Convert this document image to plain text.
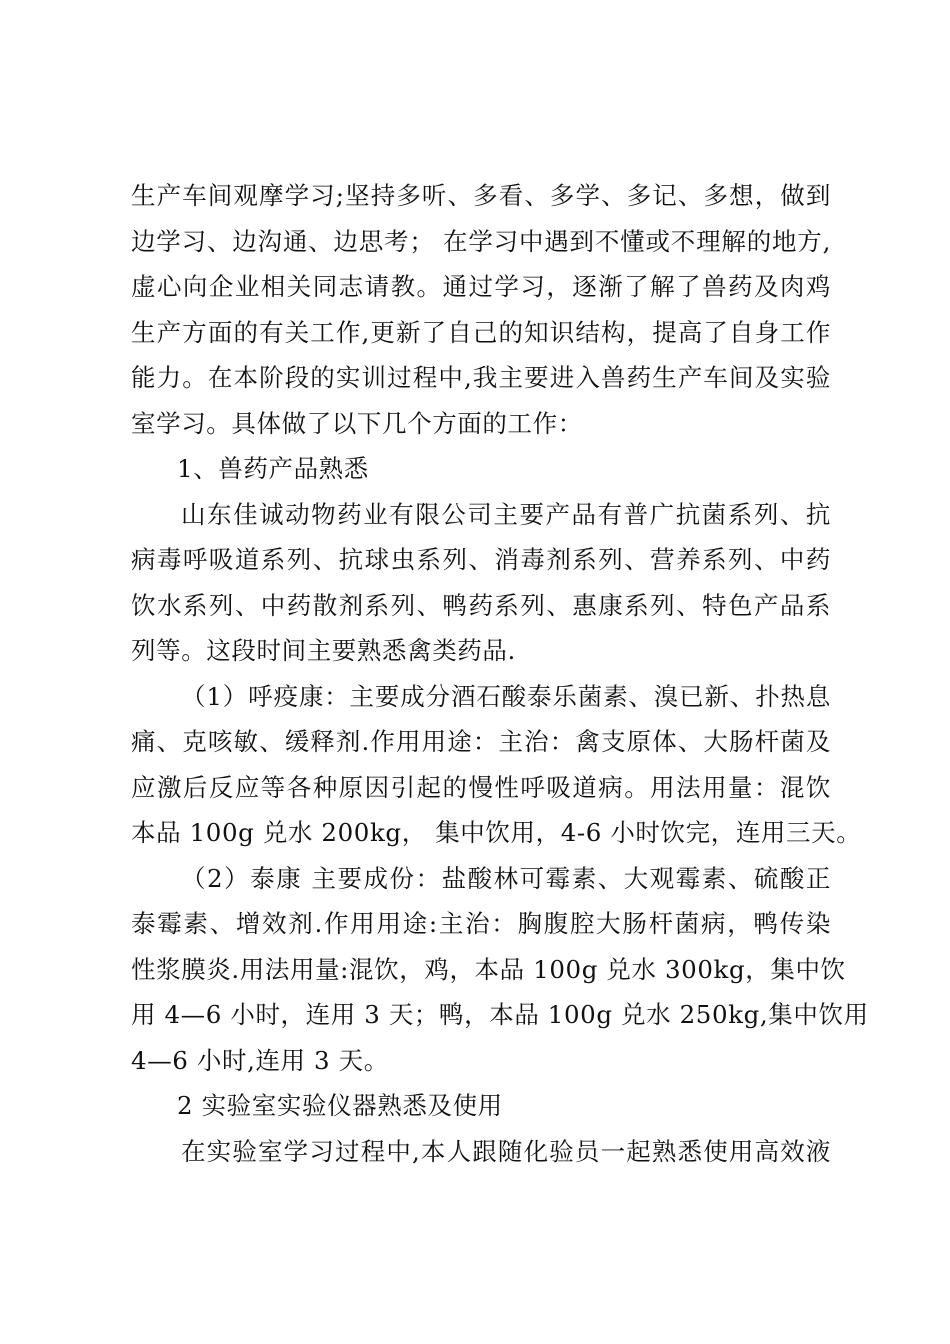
生产车间观摩学习;坚持多听、多看、多学、多记、多想，做到
边学习、边沟通、边思考； 在学习中遇到不懂或不理解的地方,
虚心向企业相关同志请教。通过学习，逐渐了解了兽药及肉鸡
生产方面的有关工作,更新了自己的知识结构，提高了自身工作
能力。在本阶段的实训过程中,我主要进入兽药生产车间及实验
室学习。具体做了以下几个方面的工作：
1、兽药产品熟悉
山东佳诚动物药业有限公司主要产品有普广抗菌系列、抗
病毒呼吸道系列、抗球虫系列、消毒剂系列、营养系列、中药
饮水系列、中药散剂系列、鸭药系列、惠康系列、特色产品系
列等。这段时间主要熟悉禽类药品.
（1）呼疫康：主要成分酒石酸泰乐菌素、溴已新、扑热息
痛、克咳敏、缓释剂.作用用途：主治：禽支原体、大肠杆菌及
应激后反应等各种原因引起的慢性呼吸道病。用法用量：混饮
本品 100g 兑水 200kg， 集中饮用，4-6 小时饮完，连用三天。
（2）泰康 主要成份：盐酸林可霉素、大观霉素、硫酸正
泰霉素、增效剂.作用用途:主治：胸腹腔大肠杆菌病，鸭传染
性浆膜炎.用法用量:混饮，鸡，本品 100g 兑水 300kg，集中饮
用 4—6 小时，连用 3 天；鸭，本品 100g 兑水 250kg,集中饮用
4—6 小时,连用 3 天。
2 实验室实验仪器熟悉及使用
在实验室学习过程中,本人跟随化验员一起熟悉使用高效液
